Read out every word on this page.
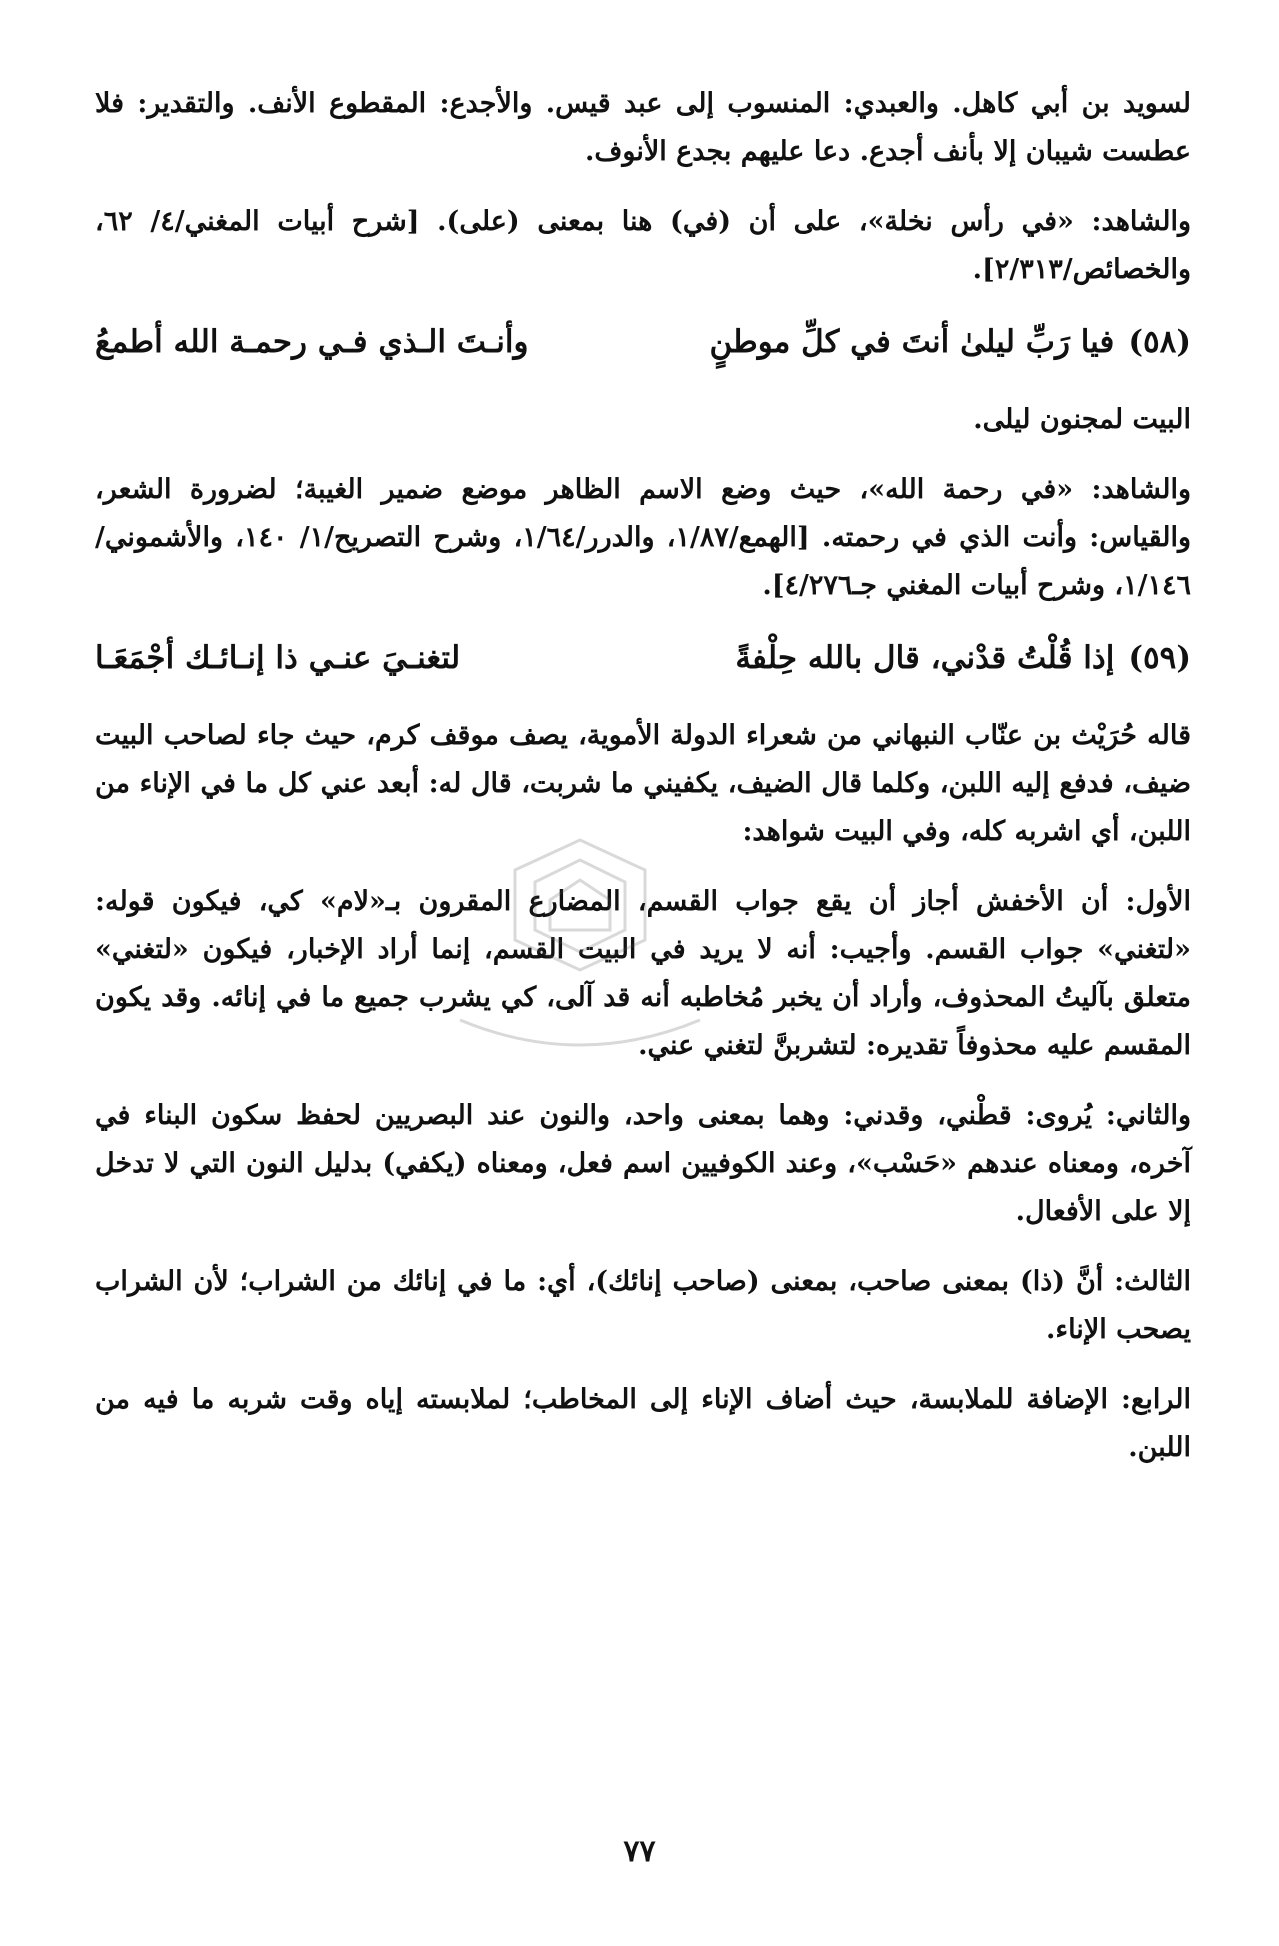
لسويد بن أبي كاهل. والعبدي: المنسوب إلى عبد قيس. والأجدع: المقطوع الأنف. والتقدير: فلا عطست شيبان إلا بأنف أجدع. دعا عليهم بجدع الأنوف.

والشاهد: «في رأس نخلة»، على أن (في) هنا بمعنى (على). [شرح أبيات المغني/٤/ ٦٢، والخصائص/٢/٣١٣].

(٥٨)
فيا رَبِّ ليلىٰ أنتَ في كلِّ موطنٍ
وأنـتَ الـذي فـي رحمـة الله أطمعُ

البيت لمجنون ليلى.

والشاهد: «في رحمة الله»، حيث وضع الاسم الظاهر موضع ضمير الغيبة؛ لضرورة الشعر، والقياس: وأنت الذي في رحمته. [الهمع/١/٨٧، والدرر/١/٦٤، وشرح التصريح/١/ ١٤٠، والأشموني/١/١٤٦، وشرح أبيات المغني جـ٤/٢٧٦].

(٥٩)
إذا قُلْتُ قدْني، قال بالله حِلْفةً
لتغنـيَ عنـي ذا إنـائـك أجْمَعَـا

قاله حُرَيْث بن عنّاب النبهاني من شعراء الدولة الأموية، يصف موقف كرم، حيث جاء لصاحب البيت ضيف، فدفع إليه اللبن، وكلما قال الضيف، يكفيني ما شربت، قال له: أبعد عني كل ما في الإناء من اللبن، أي اشربه كله، وفي البيت شواهد:

الأول: أن الأخفش أجاز أن يقع جواب القسم، المضارع المقرون بـ«لام» كي، فيكون قوله: «لتغني» جواب القسم. وأجيب: أنه لا يريد في البيت القسم، إنما أراد الإخبار، فيكون «لتغني» متعلق بآليتُ المحذوف، وأراد أن يخبر مُخاطبه أنه قد آلى، كي يشرب جميع ما في إنائه. وقد يكون المقسم عليه محذوفاً تقديره: لتشربنَّ لتغني عني.

والثاني: يُروى: قطْني، وقدني: وهما بمعنى واحد، والنون عند البصريين لحفظ سكون البناء في آخره، ومعناه عندهم «حَسْب»، وعند الكوفيين اسم فعل، ومعناه (يكفي) بدليل النون التي لا تدخل إلا على الأفعال.

الثالث: أنَّ (ذا) بمعنى صاحب، بمعنى (صاحب إنائك)، أي: ما في إنائك من الشراب؛ لأن الشراب يصحب الإناء.

الرابع: الإضافة للملابسة، حيث أضاف الإناء إلى المخاطب؛ لملابسته إياه وقت شربه ما فيه من اللبن.

٧٧
